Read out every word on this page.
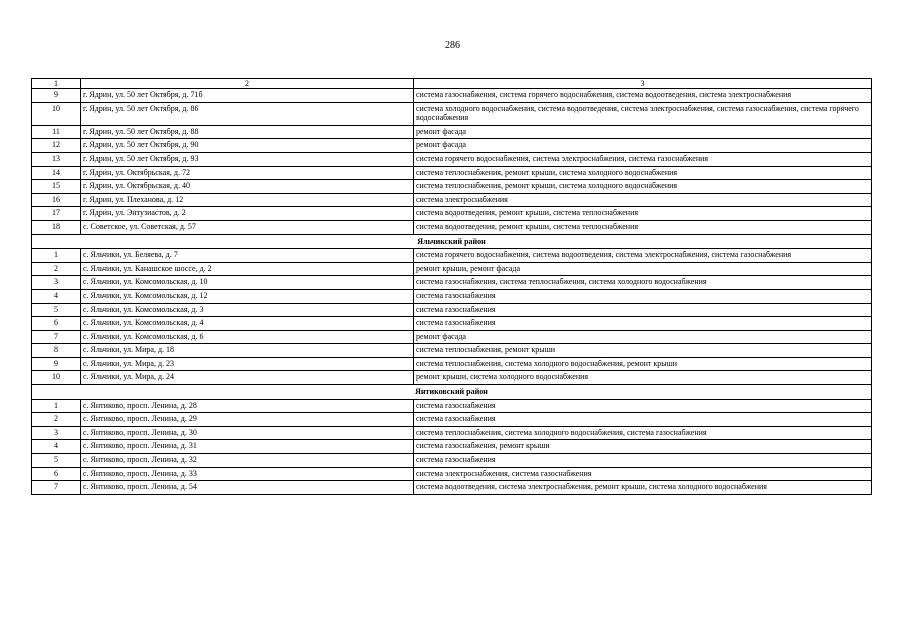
286
1	2	3
9	г. Ядрин, ул. 50 лет Октября, д. 71б	система газоснабжения, система горячего водоснабжения, система водоотведения, система электроснабжения
10	г. Ядрин, ул. 50 лет Октября, д. 86	система холодного водоснабжения, система водоотведения, система электроснабжения, система газоснабжения, система горячего водоснабжения
11	г. Ядрин, ул. 50 лет Октября, д. 88	ремонт фасада
12	г. Ядрин, ул. 50 лет Октября, д. 90	ремонт фасада
13	г. Ядрин, ул. 50 лет Октября, д. 93	система горячего водоснабжения, система электроснабжения, система газоснабжения
14	г. Ядрин, ул. Октябрьская, д. 72	система теплоснабжения, ремонт крыши, система холодного водоснабжения
15	г. Ядрин, ул. Октябрьская, д. 40	система теплоснабжения, ремонт крыши, система холодного водоснабжения
16	г. Ядрин, ул. Плеханова, д. 12	система электроснабжения
17	г. Ядрин, ул. Энтузиастов, д. 2	система водоотведения, ремонт крыши, система теплоснабжения
18	с. Советское, ул. Советская, д. 57	система водоотведения, ремонт крыши, система теплоснабжения
Яльчикский район		
1	с. Яльчики, ул. Беляева, д. 7	система горячего водоснабжения, система водоотведения, система электроснабжения, система газоснабжения
2	с. Яльчики, ул. Канашское шоссе, д. 2	ремонт крыши, ремонт фасада
3	с. Яльчики, ул. Комсомольская, д. 10	система газоснабжения, система теплоснабжения, система холодного водоснабжения
4	с. Яльчики, ул. Комсомольская, д. 12	система газоснабжения
5	с. Яльчики, ул. Комсомольская, д. 3	система газоснабжения
6	с. Яльчики, ул. Комсомольская, д. 4	система газоснабжения
7	с. Яльчики, ул. Комсомольская, д. 6	ремонт фасада
8	с. Яльчики, ул. Мира, д. 18	система теплоснабжения, ремонт крыши
9	с. Яльчики, ул. Мира, д. 23	система теплоснабжения, система холодного водоснабжения, ремонт крыши
10	с. Яльчики, ул. Мира, д. 24	ремонт крыши, система холодного водоснабжения
Янтиковский район		
1	с. Янтиково, просп. Ленина, д. 28	система газоснабжения
2	с. Янтиково, просп. Ленина, д. 29	система газоснабжения
3	с. Янтиково, просп. Ленина, д. 30	система теплоснабжения, система холодного водоснабжения, система газоснабжения
4	с. Янтиково, просп. Ленина, д. 31	система газоснабжения, ремонт крыши
5	с. Янтиково, просп. Ленина, д. 32	система газоснабжения
6	с. Янтиково, просп. Ленина, д. 33	система электроснабжения, система газоснабжения
7	с. Янтиково, просп. Ленина, д. 54	система водоотведения, система электроснабжения, ремонт крыши, система холодного водоснабжения
